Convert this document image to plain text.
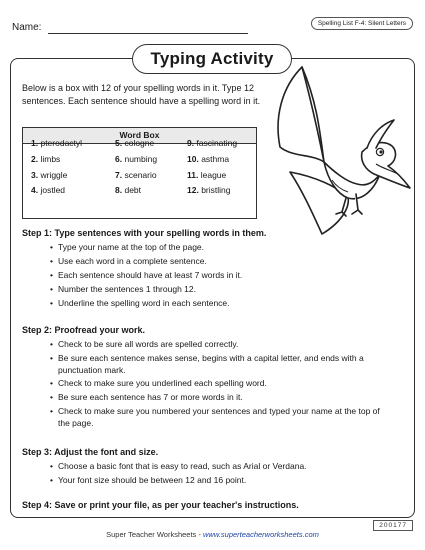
Name:	Spelling List F-4: Silent Letters
Typing Activity
Below is a box with 12 of your spelling words in it. Type 12 sentences. Each sentence should have a spelling word in it.
Word Box
1. pterodactyl
2. limbs
3. wriggle
4. jostled
5. cologne
6. numbing
7. scenario
8. debt
9. fascinating
10. asthma
11. league
12. bristling
Step 1: Type sentences with your spelling words in them.
• Type your name at the top of the page.
• Use each word in a complete sentence.
• Each sentence should have at least 7 words in it.
• Number the sentences 1 through 12.
• Underline the spelling word in each sentence.
Step 2: Proofread your work.
• Check to be sure all words are spelled correctly.
• Be sure each sentence makes sense, begins with a capital letter, and ends with a punctuation mark.
• Check to make sure you underlined each spelling word.
• Be sure each sentence has 7 or more words in it.
• Check to make sure you numbered your sentences and typed your name at the top of the page.
Step 3: Adjust the font and size.
• Choose a basic font that is easy to read, such as Arial or Verdana.
• Your font size should be between 12 and 16 point.
Step 4: Save or print your file, as per your teacher's instructions.
Super Teacher Worksheets - www.superteacherworksheets.com
200177
